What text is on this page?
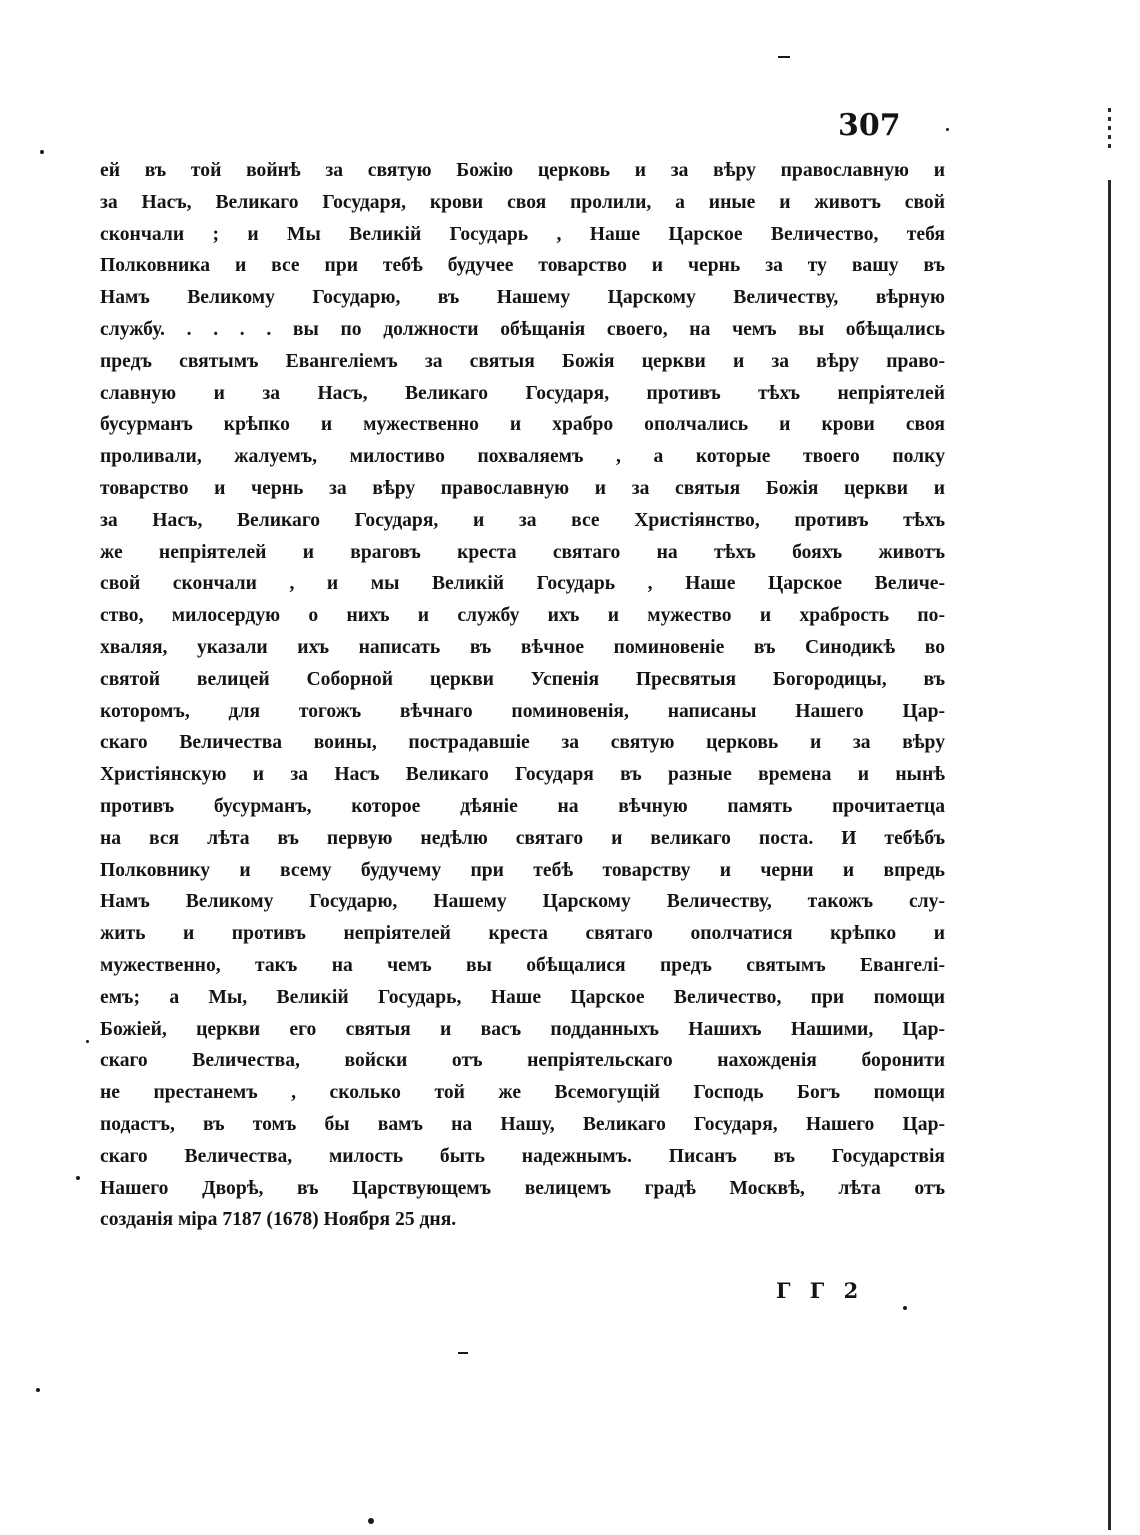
307
ей въ той войнѣ за святую Божію церковь и за вѣру православную и
за Насъ, Великаго Государя, крови своя пролили, а иные и животъ свой
скончали ; и Мы Великій Государь , Наше Царское Величество, тебя
Полковника и все при тебѣ будучее товарство и чернь за ту вашу въ
Намъ Великому Государю, въ Нашему Царскому Величеству, вѣрную
службу. . . . . вы по должности обѣщанія своего, на чемъ вы обѣщались
предъ святымъ Евангеліемъ за святыя Божія церкви и за вѣру право-
славную и за Насъ, Великаго Государя, противъ тѣхъ непріятелей
бусурманъ крѣпко и мужественно и храбро ополчались и крови своя
проливали, жалуемъ, милостиво похваляемъ , а которые твоего полку
товарство и чернь за вѣру православную и за святыя Божія церкви и
за Насъ, Великаго Государя, и за все Христіянство, противъ тѣхъ
же непріятелей и враговъ креста святаго на тѣхъ бояхъ животъ
свой скончали , и мы Великій Государь , Наше Царское Величе-
ство, милосердую о нихъ и службу ихъ и мужество и храбрость по-
хваляя, указали ихъ написать въ вѣчное поминовеніе въ Синодикѣ во
святой велицей Соборной церкви Успенія Пресвятыя Богородицы, въ
которомъ, для тогожъ вѣчнаго поминовенія, написаны Нашего Цар-
скаго Величества воины, пострадавшіе за святую церковь и за вѣру
Христіянскую и за Насъ Великаго Государя въ разные времена и нынѣ
противъ бусурманъ, которое дѣяніе на вѣчную память прочитаетца
на вся лѣта въ первую недѣлю святаго и великаго поста. И тебѣбъ
Полковнику и всему будучему при тебѣ товарству и черни и впредь
Намъ Великому Государю, Нашему Царскому Величеству, такожъ слу-
жить и противъ непріятелей креста святаго ополчатися крѣпко и
мужественно, такъ на чемъ вы обѣщалися предъ святымъ Евангелі-
емъ; а Мы, Великій Государь, Наше Царское Величество, при помощи
Божіей, церкви его святыя и васъ подданныхъ Нашихъ Нашими, Цар-
скаго Величества, войски отъ непріятельскаго нахожденія боронити
не престанемъ , сколько той же Всемогущій Господь Богъ помощи
подастъ, въ томъ бы вамъ на Нашу, Великаго Государя, Нашего Цар-
скаго Величества, милость быть надежнымъ. Писанъ въ Государствія
Нашего Дворѣ, въ Царствующемъ велицемъ градѣ Москвѣ, лѣта отъ
созданія міра 7187 (1678) Ноября 25 дня.
Г Г 2
